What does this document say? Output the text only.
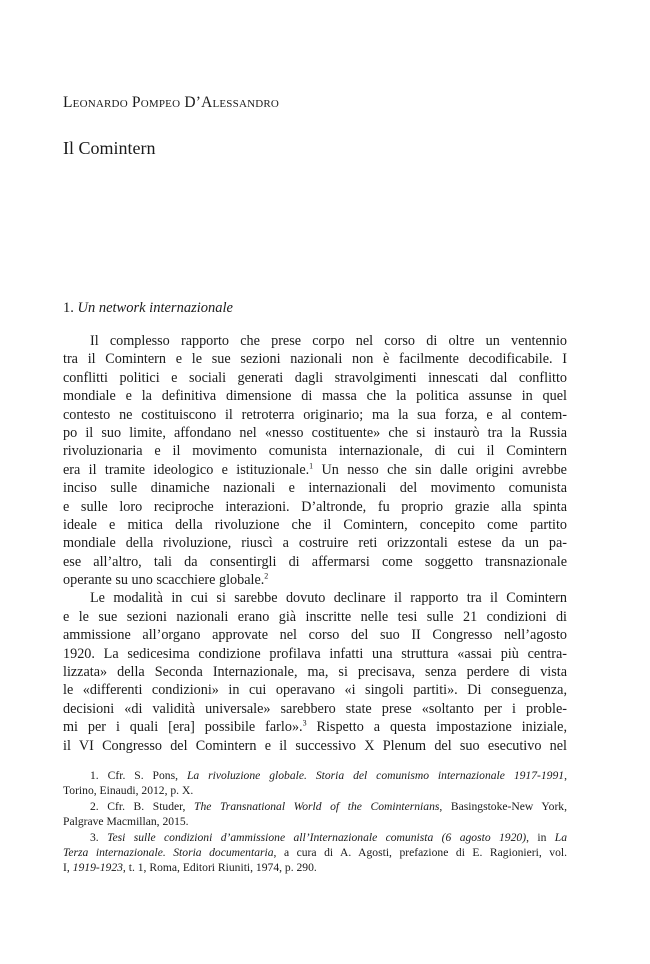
Leonardo Pompeo D’Alessandro
Il Comintern
1. Un network internazionale
Il complesso rapporto che prese corpo nel corso di oltre un ventennio
tra il Comintern e le sue sezioni nazionali non è facilmente decodificabile. I
conflitti politici e sociali generati dagli stravolgimenti innescati dal conflitto
mondiale e la definitiva dimensione di massa che la politica assunse in quel
contesto ne costituiscono il retroterra originario; ma la sua forza, e al contem-
po il suo limite, affondano nel «nesso costituente» che si instaurò tra la Russia
rivoluzionaria e il movimento comunista internazionale, di cui il Comintern
era il tramite ideologico e istituzionale.$^1$ Un nesso che sin dalle origini avrebbe
inciso sulle dinamiche nazionali e internazionali del movimento comunista
e sulle loro reciproche interazioni. D’altronde, fu proprio grazie alla spinta
ideale e mitica della rivoluzione che il Comintern, concepito come partito
mondiale della rivoluzione, riuscì a costruire reti orizzontali estese da un pa-
ese all’altro, tali da consentirgli di affermarsi come soggetto transnazionale
operante su uno scacchiere globale.$^2$
Le modalità in cui si sarebbe dovuto declinare il rapporto tra il Comintern
e le sue sezioni nazionali erano già inscritte nelle tesi sulle 21 condizioni di
ammissione all’organo approvate nel corso del suo II Congresso nell’agosto
1920. La sedicesima condizione profilava infatti una struttura «assai più centra-
lizzata» della Seconda Internazionale, ma, si precisava, senza perdere di vista
le «differenti condizioni» in cui operavano «i singoli partiti». Di conseguenza,
decisioni «di validità universale» sarebbero state prese «soltanto per i proble-
mi per i quali [era] possibile farlo».$^3$ Rispetto a questa impostazione iniziale,
il VI Congresso del Comintern e il successivo X Plenum del suo esecutivo nel
1. Cfr. S. Pons, La rivoluzione globale. Storia del comunismo internazionale 1917-1991,
Torino, Einaudi, 2012, p. X.
2. Cfr. B. Studer, The Transnational World of the Cominternians, Basingstoke-New York,
Palgrave Macmillan, 2015.
3. Tesi sulle condizioni d’ammissione all’Internazionale comunista (6 agosto 1920), in La
Terza internazionale. Storia documentaria, a cura di A. Agosti, prefazione di E. Ragionieri, vol.
I, 1919-1923, t. 1, Roma, Editori Riuniti, 1974, p. 290.
